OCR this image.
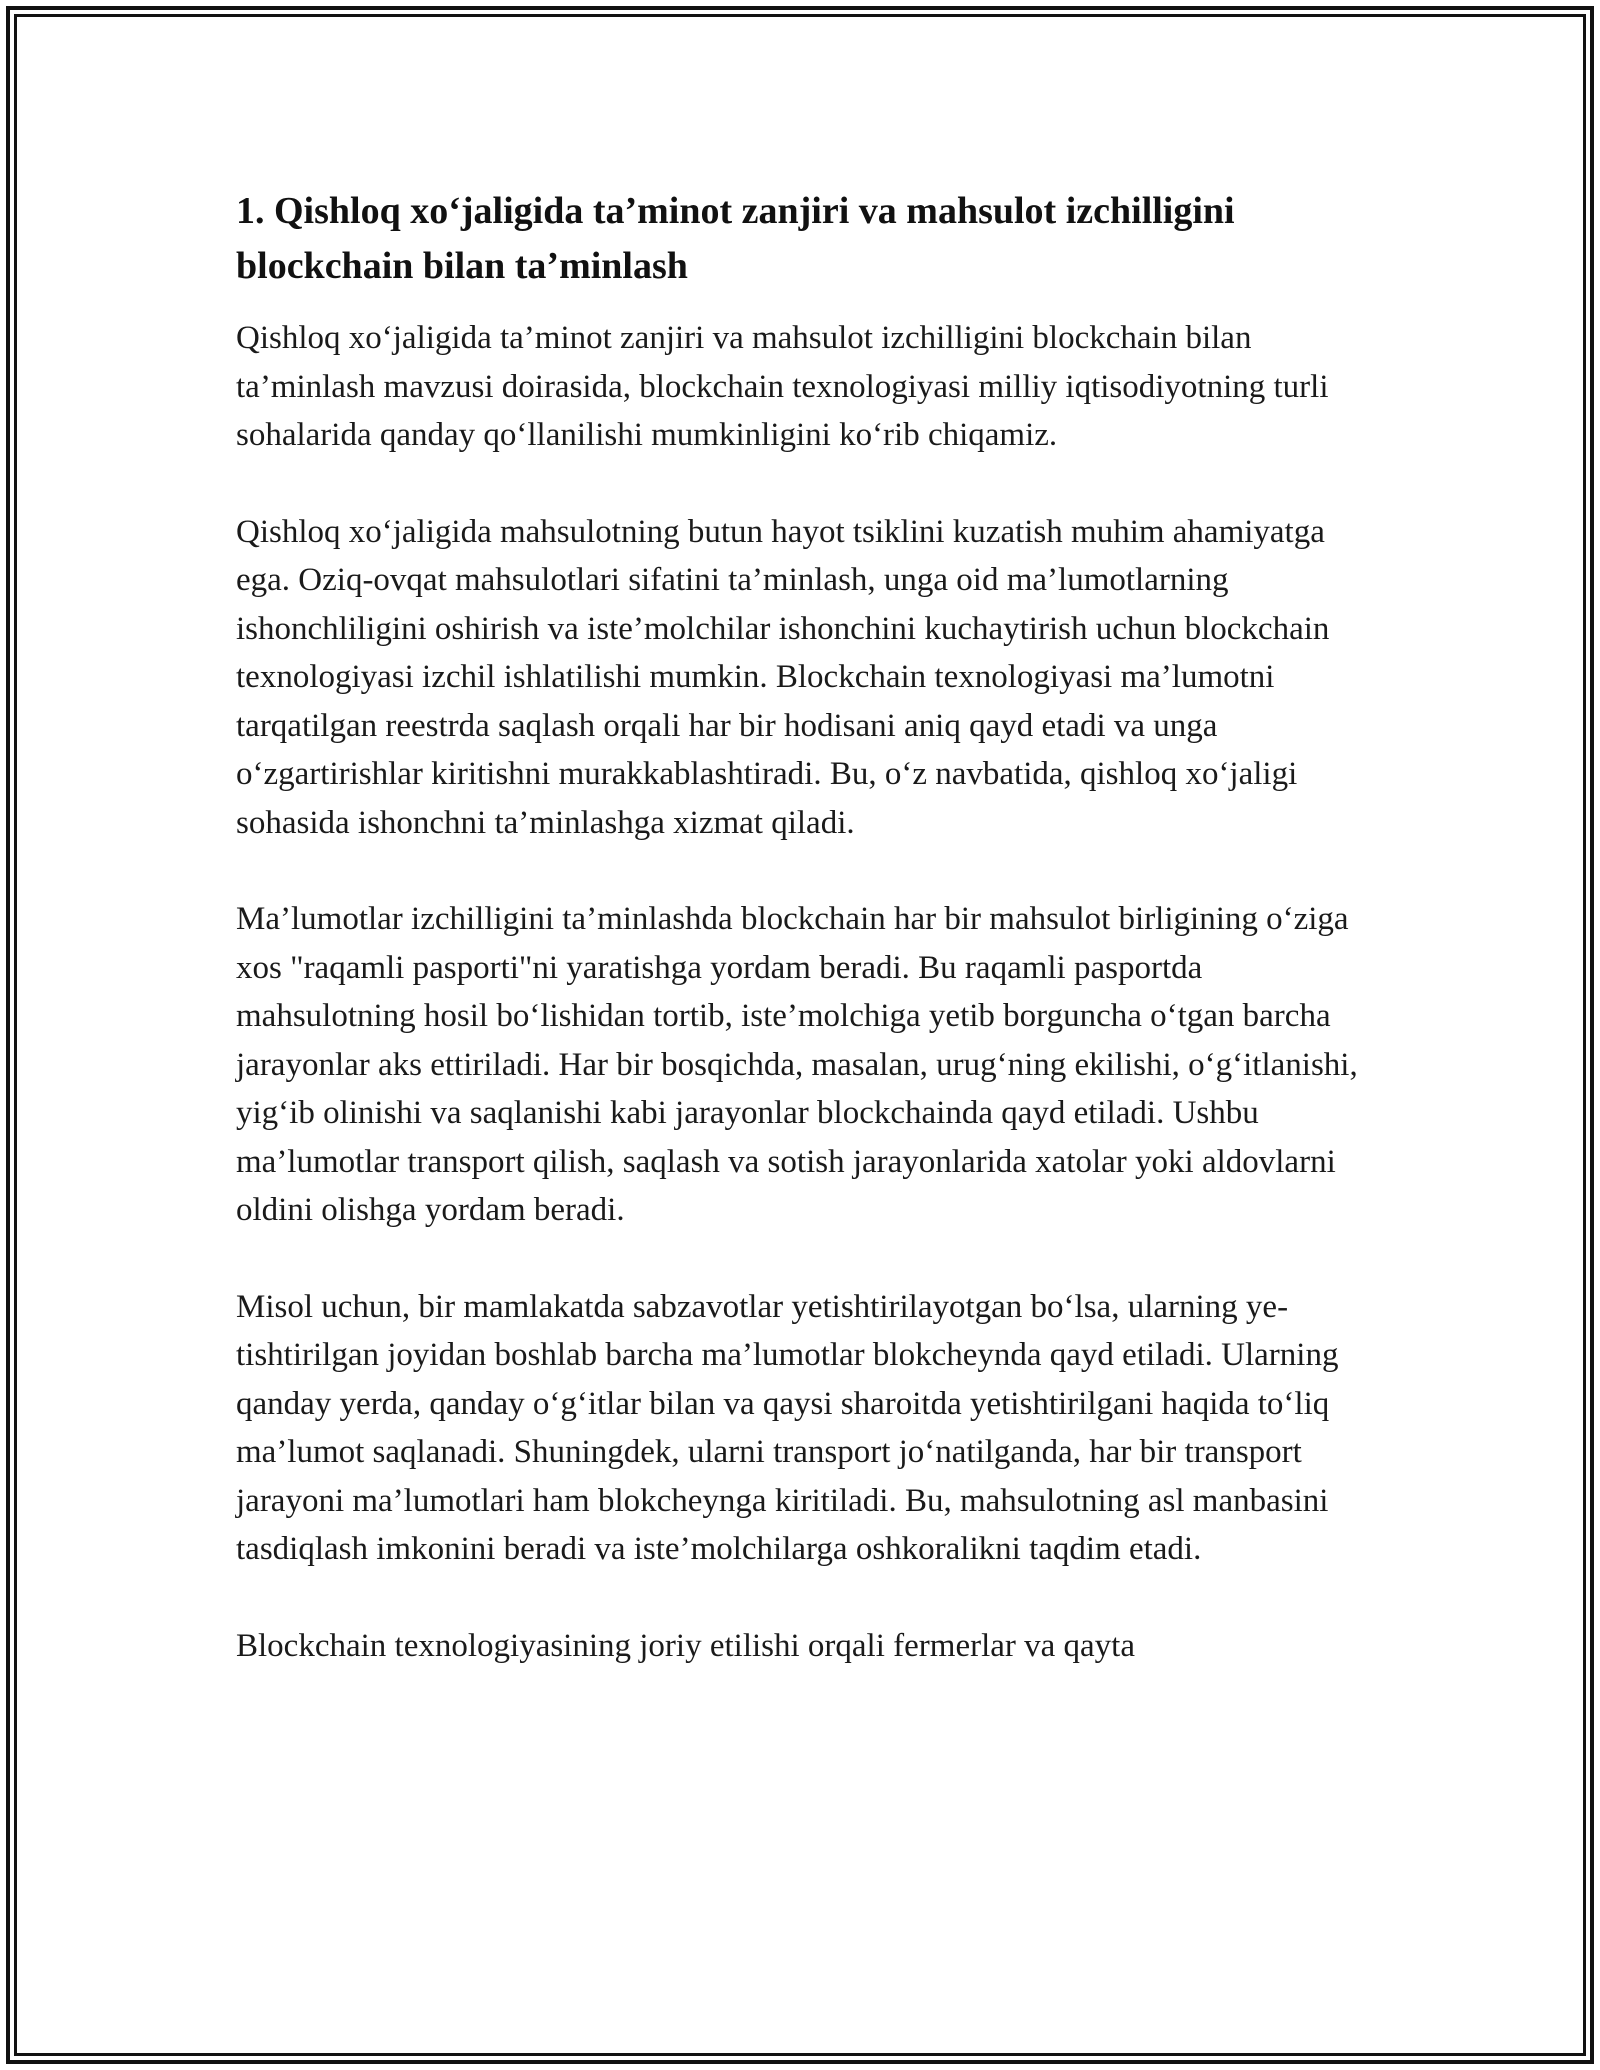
1. Qishloq xo‘jaligida ta’minot zanjiri va mahsulot izchilligini blockchain bilan ta’minlash

Qishloq xo‘jaligida ta’minot zanjiri va mahsulot izchilligini blockchain bilan ta’minlash mavzusi doirasida, blockchain texnologiyasi milliy iqtisodiyotning turli sohalarida qanday qo‘llanilishi mumkinligini ko‘rib chiqamiz.

Qishloq xo‘jaligida mahsulotning butun hayot tsiklini kuzatish muhim ahamiyatga ega. Oziq-ovqat mahsulotlari sifatini ta’minlash, unga oid ma’lumotlarning ishonchliligini oshirish va iste’molchilar ishonchini kuchaytirish uchun blockchain texnologiyasi izchil ishlatilishi mumkin. Blockchain texnologiyasi ma’lumotni tarqatilgan reestrda saqlash orqali har bir hodisani aniq qayd etadi va unga o‘zgartirishlar kiritishni murakkablashtiradi. Bu, o‘z navbatida, qishloq xo‘jaligi sohasida ishonchni ta’minlashga xizmat qiladi.

Ma’lumotlar izchilligini ta’minlashda blockchain har bir mahsulot birligining o‘ziga xos "raqamli pasporti"ni yaratishga yordam beradi. Bu raqamli pasportda mahsulotning hosil bo‘lishidan tortib, iste’molchiga yetib borguncha o‘tgan barcha jarayonlar aks ettiriladi. Har bir bosqichda, masalan, urug‘ning ekilishi, o‘g‘itlanishi, yig‘ib olinishi va saqlanishi kabi jarayonlar blockchainda qayd etiladi. Ushbu ma’lumotlar transport qilish, saqlash va sotish jarayonlarida xatolar yoki aldovlarni oldini olishga yordam beradi.

Misol uchun, bir mamlakatda sabzavotlar yetishtirilayotgan bo‘lsa, ularning ye-tishtirilgan joyidan boshlab barcha ma’lumotlar blokcheynda qayd etiladi. Ularning qanday yerda, qanday o‘g‘itlar bilan va qaysi sharoitda yetishtirilgani haqida to‘liq ma’lumot saqlanadi. Shuningdek, ularni transport jo‘natilganda, har bir transport jarayoni ma’lumotlari ham blokcheynga kiritiladi. Bu, mahsulotning asl manbasini tasdiqlash imkonini beradi va iste’molchilarga oshkoralikni taqdim etadi.

Blockchain texnologiyasining joriy etilishi orqali fermerlar va qayta
